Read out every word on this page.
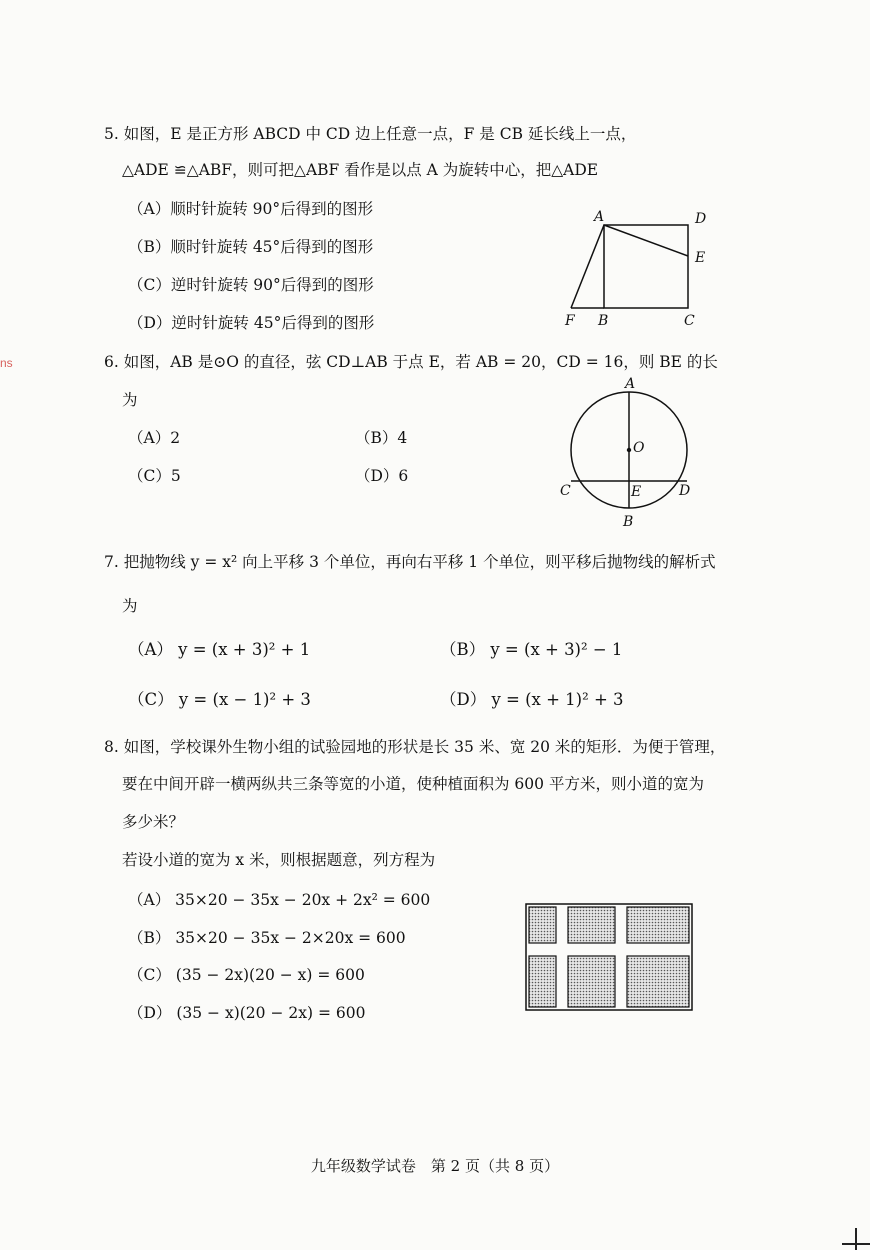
5. 如图，E 是正方形 ABCD 中 CD 边上任意一点，F 是 CB 延长线上一点，
△ADE ≌△ABF，则可把△ABF 看作是以点 A 为旋转中心，把△ADE
（A）顺时针旋转 90°后得到的图形
（B）顺时针旋转 45°后得到的图形
（C）逆时针旋转 90°后得到的图形
（D）逆时针旋转 45°后得到的图形
A	D
E
F B	C
6. 如图，AB 是⊙O 的直径，弦 CD⊥AB 于点 E，若 AB = 20，CD = 16，则 BE 的长
为
（A）2	（B）4
（C）5	（D）6
A
O
C	E	D
B
7. 把抛物线 y = x² 向上平移 3 个单位，再向右平移 1 个单位，则平移后抛物线的解析式
为
（A） y = (x + 3)² + 1	（B） y = (x + 3)² − 1
（C） y = (x − 1)² + 3	（D） y = (x + 1)² + 3
8. 如图，学校课外生物小组的试验园地的形状是长 35 米、宽 20 米的矩形．为便于管理，
要在中间开辟一横两纵共三条等宽的小道，使种植面积为 600 平方米，则小道的宽为
多少米？
若设小道的宽为 x 米，则根据题意，列方程为
（A） 35×20 − 35x − 20x + 2x² = 600
（B） 35×20 − 35x − 2×20x = 600
（C） (35 − 2x)(20 − x) = 600
（D） (35 − x)(20 − 2x) = 600
九年级数学试卷　第 2 页（共 8 页）
ns
